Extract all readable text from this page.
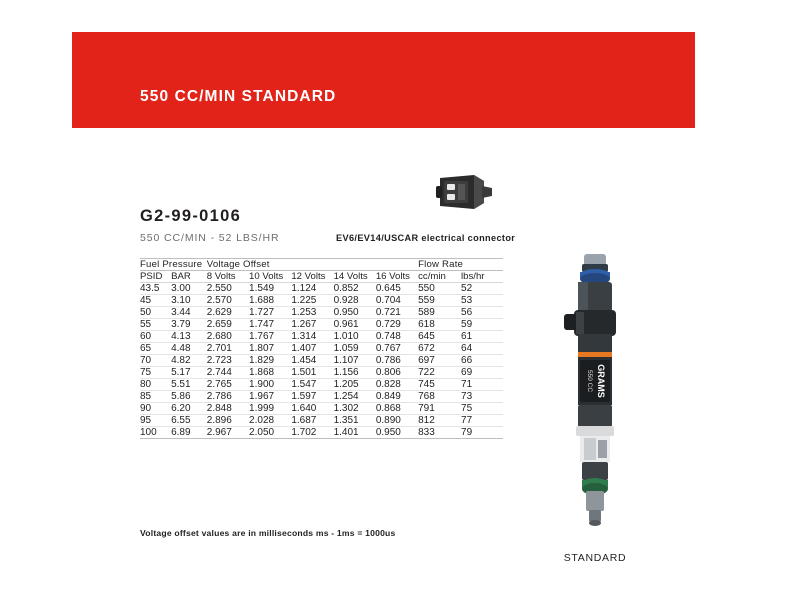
550 CC/MIN STANDARD
G2-99-0106
550 CC/MIN - 52 LBS/HR	EV6/EV14/USCAR electrical connector
Fuel Pressure		Voltage Offset					Flow Rate	
PSID	BAR	8 Volts	10 Volts	12 Volts	14 Volts	16 Volts	cc/min	lbs/hr
43.5	3.00	2.550	1.549	1.124	0.852	0.645	550	52
45	3.10	2.570	1.688	1.225	0.928	0.704	559	53
50	3.44	2.629	1.727	1.253	0.950	0.721	589	56
55	3.79	2.659	1.747	1.267	0.961	0.729	618	59
60	4.13	2.680	1.767	1.314	1.010	0.748	645	61
65	4.48	2.701	1.807	1.407	1.059	0.767	672	64
70	4.82	2.723	1.829	1.454	1.107	0.786	697	66
75	5.17	2.744	1.868	1.501	1.156	0.806	722	69
80	5.51	2.765	1.900	1.547	1.205	0.828	745	71
85	5.86	2.786	1.967	1.597	1.254	0.849	768	73
90	6.20	2.848	1.999	1.640	1.302	0.868	791	75
95	6.55	2.896	2.028	1.687	1.351	0.890	812	77
100	6.89	2.967	2.050	1.702	1.401	0.950	833	79
Voltage offset values are in milliseconds ms - 1ms = 1000us
GRAMS
550 CC
STANDARD
